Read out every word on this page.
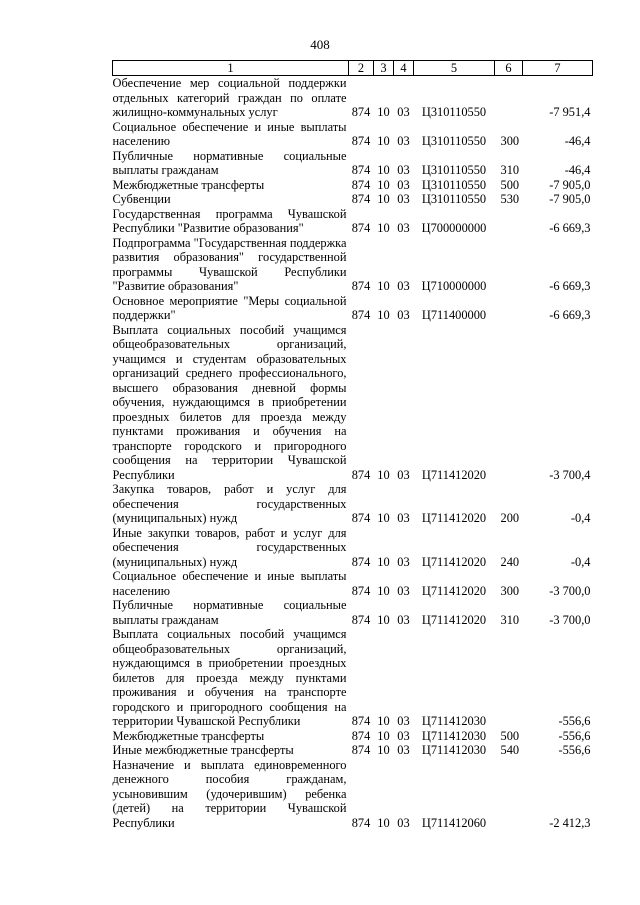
408
1	2	3	4	5	6	7
Обеспечение мер социальной поддержки отдельных категорий граждан по оплате жилищно-коммунальных услуг	874	10	03	Ц310110550		-7 951,4
Социальное обеспечение и иные выплаты населению	874	10	03	Ц310110550	300	-46,4
Публичные нормативные социальные выплаты гражданам	874	10	03	Ц310110550	310	-46,4
Межбюджетные трансферты	874	10	03	Ц310110550	500	-7 905,0
Субвенции	874	10	03	Ц310110550	530	-7 905,0
Государственная программа Чувашской Республики "Развитие образования"	874	10	03	Ц700000000		-6 669,3
Подпрограмма "Государственная поддержка развития образования" государственной программы Чувашской Республики "Развитие образования"	874	10	03	Ц710000000		-6 669,3
Основное мероприятие "Меры социальной поддержки"	874	10	03	Ц711400000		-6 669,3
Выплата социальных пособий учащимся общеобразовательных организаций, учащимся и студентам образовательных организаций среднего профессионального, высшего образования дневной формы обучения, нуждающимся в приобретении проездных билетов для проезда между пунктами проживания и обучения на транспорте городского и пригородного сообщения на территории Чувашской Республики	874	10	03	Ц711412020		-3 700,4
Закупка товаров, работ и услуг для обеспечения государственных (муниципальных) нужд	874	10	03	Ц711412020	200	-0,4
Иные закупки товаров, работ и услуг для обеспечения государственных (муниципальных) нужд	874	10	03	Ц711412020	240	-0,4
Социальное обеспечение и иные выплаты населению	874	10	03	Ц711412020	300	-3 700,0
Публичные нормативные социальные выплаты гражданам	874	10	03	Ц711412020	310	-3 700,0
Выплата социальных пособий учащимся общеобразовательных организаций, нуждающимся в приобретении проездных билетов для проезда между пунктами проживания и обучения на транспорте городского и пригородного сообщения на территории Чувашской Республики	874	10	03	Ц711412030		-556,6
Межбюджетные трансферты	874	10	03	Ц711412030	500	-556,6
Иные межбюджетные трансферты	874	10	03	Ц711412030	540	-556,6
Назначение и выплата единовременного денежного пособия гражданам, усыновившим (удочерившим) ребенка (детей) на территории Чувашской Республики	874	10	03	Ц711412060		-2 412,3
